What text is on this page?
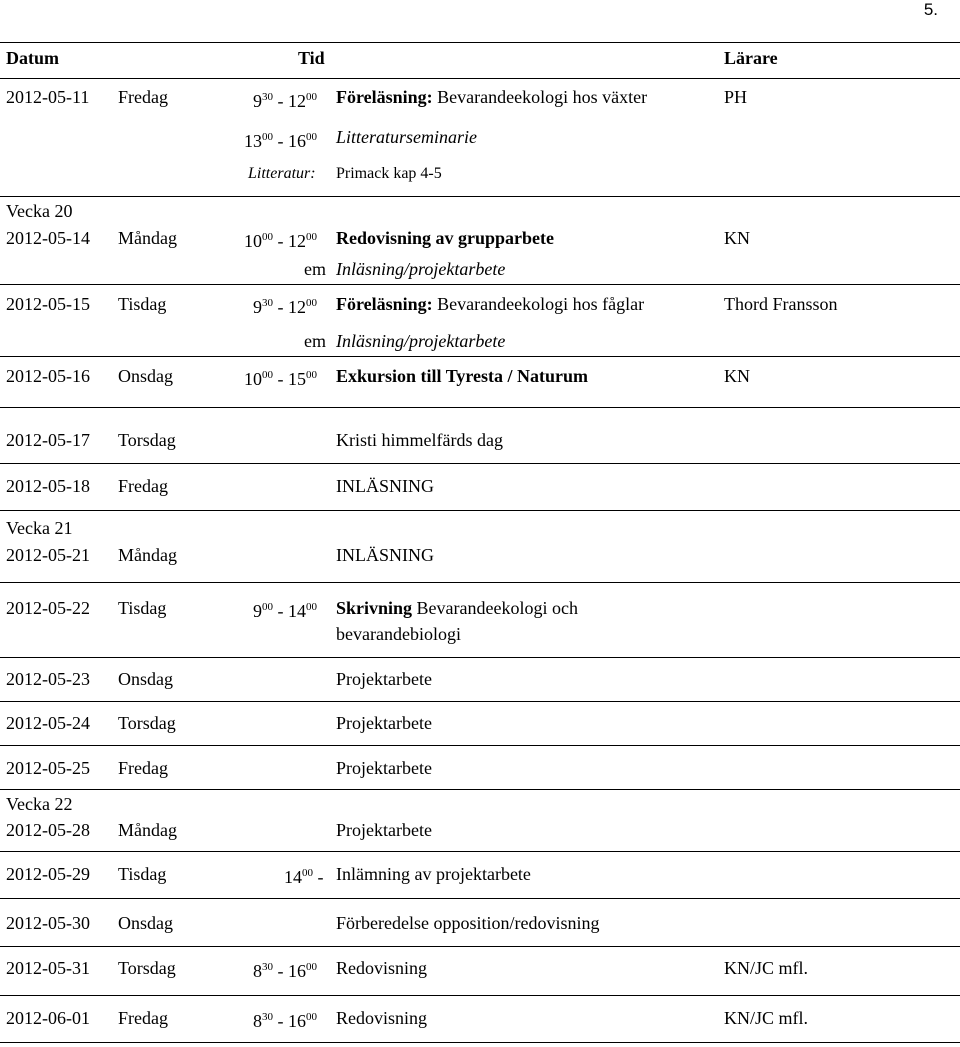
5.
Datum	Tid	Lärare
2012-05-11 Fredag	$9^{30} - 12^{00}$ Föreläsning: Bevarandeekologi hos växter	PH
$13^{00} - 16^{00}$ Litteraturseminarie
Litteratur: Primack kap 4-5
Vecka 20
2012-05-14 Måndag	$10^{00} - 12^{00}$ Redovisning av grupparbete	KN
em Inläsning/projektarbete
2012-05-15 Tisdag	$9^{30} - 12^{00}$ Föreläsning: Bevarandeekologi hos fåglar	Thord Fransson
em Inläsning/projektarbete
2012-05-16 Onsdag	$10^{00} - 15^{00}$ Exkursion till Tyresta / Naturum	KN
2012-05-17 Torsdag	Kristi himmelfärds dag
2012-05-18 Fredag	INLÄSNING
Vecka 21
2012-05-21 Måndag	INLÄSNING
2012-05-22 Tisdag	$9^{00} - 14^{00}$ Skrivning Bevarandeekologi och
bevarandebiologi
2012-05-23 Onsdag	Projektarbete
2012-05-24 Torsdag	Projektarbete
2012-05-25 Fredag	Projektarbete
Vecka 22
2012-05-28 Måndag	Projektarbete
2012-05-29 Tisdag	$14^{00}$ - Inlämning av projektarbete
2012-05-30 Onsdag	Förberedelse opposition/redovisning
2012-05-31 Torsdag	$8^{30} - 16^{00}$ Redovisning	KN/JC mfl.
2012-06-01 Fredag	$8^{30} - 16^{00}$ Redovisning	KN/JC mfl.
